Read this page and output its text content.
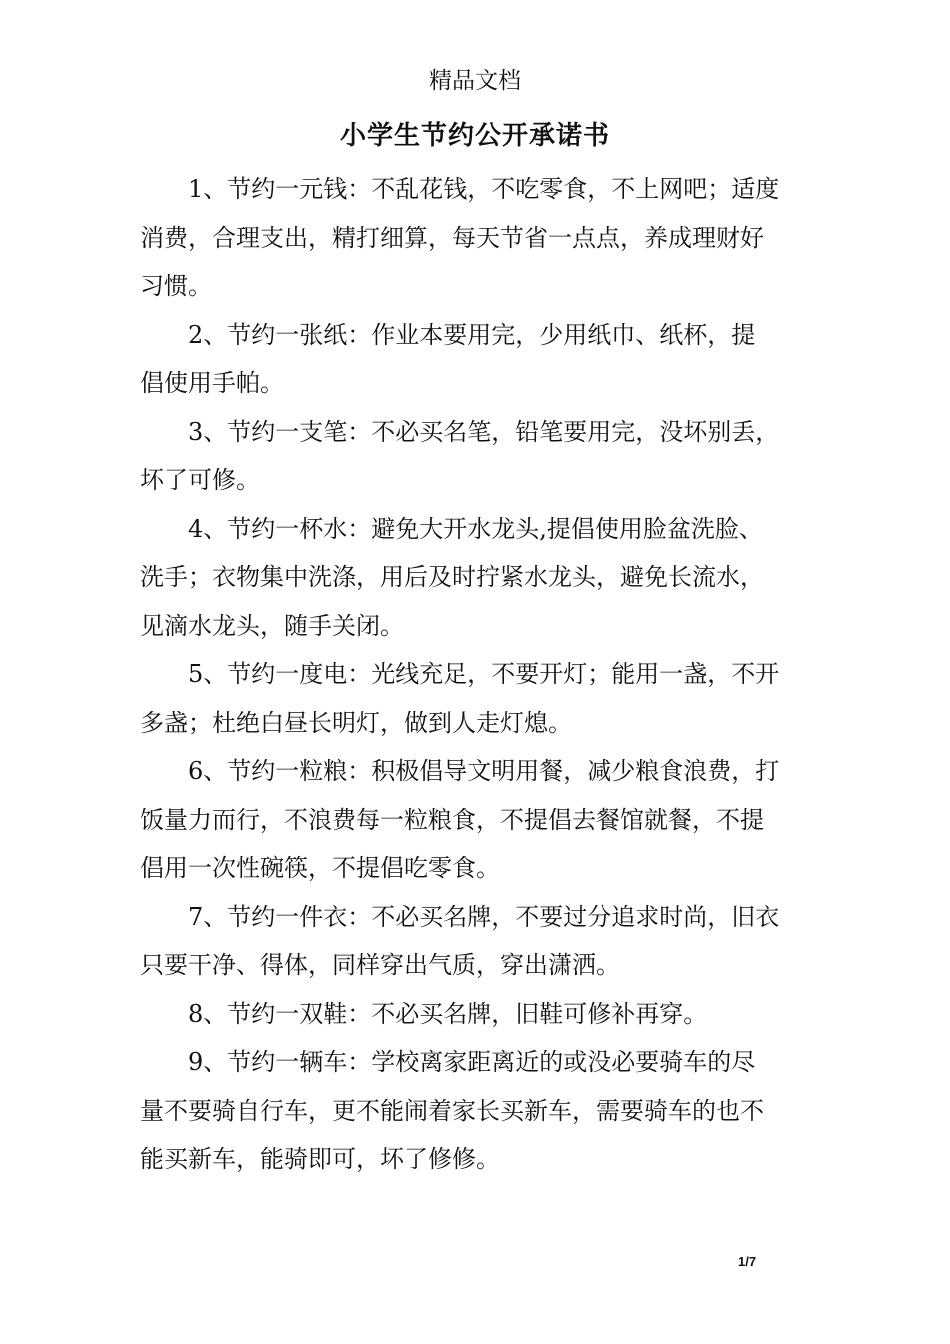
精品文档
小学生节约公开承诺书

1、节约一元钱：不乱花钱，不吃零食，不上网吧；适度
消费，合理支出，精打细算，每天节省一点点，养成理财好
习惯。

2、节约一张纸：作业本要用完，少用纸巾、纸杯，提
倡使用手帕。

3、节约一支笔：不必买名笔，铅笔要用完，没坏别丢，
坏了可修。

4、节约一杯水：避免大开水龙头,提倡使用脸盆洗脸、
洗手；衣物集中洗涤，用后及时拧紧水龙头，避免长流水，
见滴水龙头，随手关闭。

5、节约一度电：光线充足，不要开灯；能用一盏，不开
多盏；杜绝白昼长明灯，做到人走灯熄。

6、节约一粒粮：积极倡导文明用餐，减少粮食浪费，打
饭量力而行，不浪费每一粒粮食，不提倡去餐馆就餐，不提
倡用一次性碗筷，不提倡吃零食。

7、节约一件衣：不必买名牌，不要过分追求时尚，旧衣
只要干净、得体，同样穿出气质，穿出潇洒。

8、节约一双鞋：不必买名牌，旧鞋可修补再穿。

9、节约一辆车：学校离家距离近的或没必要骑车的尽
量不要骑自行车，更不能闹着家长买新车，需要骑车的也不
能买新车，能骑即可，坏了修修。

1/7
